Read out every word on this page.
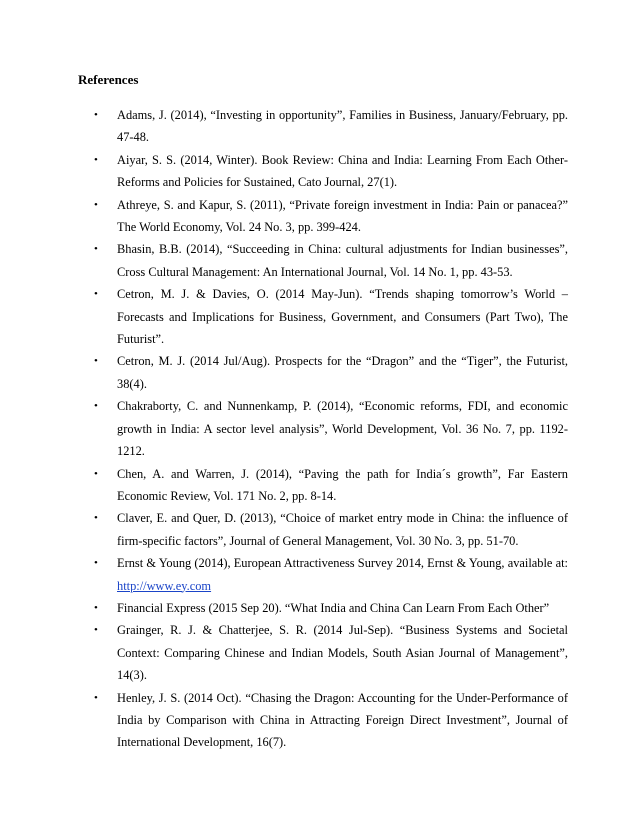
References
• Adams, J. (2014), “Investing in opportunity”, Families in Business, January/February, pp. 47-48.
• Aiyar, S. S. (2014, Winter). Book Review: China and India: Learning From Each Other- Reforms and Policies for Sustained, Cato Journal, 27(1).
• Athreye, S. and Kapur, S. (2011), “Private foreign investment in India: Pain or panacea?” The World Economy, Vol. 24 No. 3, pp. 399-424.
• Bhasin, B.B. (2014), “Succeeding in China: cultural adjustments for Indian businesses”, Cross Cultural Management: An International Journal, Vol. 14 No. 1, pp. 43-53.
• Cetron, M. J. & Davies, O. (2014 May-Jun). “Trends shaping tomorrow’s World – Forecasts and Implications for Business, Government, and Consumers (Part Two), The Futurist”.
• Cetron, M. J. (2014 Jul/Aug). Prospects for the “Dragon” and the “Tiger”, the Futurist, 38(4).
• Chakraborty, C. and Nunnenkamp, P. (2014), “Economic reforms, FDI, and economic growth in India: A sector level analysis”, World Development, Vol. 36 No. 7, pp. 1192-1212.
• Chen, A. and Warren, J. (2014), “Paving the path for India´s growth”, Far Eastern Economic Review, Vol. 171 No. 2, pp. 8-14.
• Claver, E. and Quer, D. (2013), “Choice of market entry mode in China: the influence of firm-specific factors”, Journal of General Management, Vol. 30 No. 3, pp. 51-70.
• Ernst & Young (2014), European Attractiveness Survey 2014, Ernst & Young, available at: http://www.ey.com
• Financial Express (2015 Sep 20). “What India and China Can Learn From Each Other”
• Grainger, R. J. & Chatterjee, S. R. (2014 Jul-Sep). “Business Systems and Societal Context: Comparing Chinese and Indian Models, South Asian Journal of Management”, 14(3).
• Henley, J. S. (2014 Oct). “Chasing the Dragon: Accounting for the Under-Performance of India by Comparison with China in Attracting Foreign Direct Investment”, Journal of International Development, 16(7).
